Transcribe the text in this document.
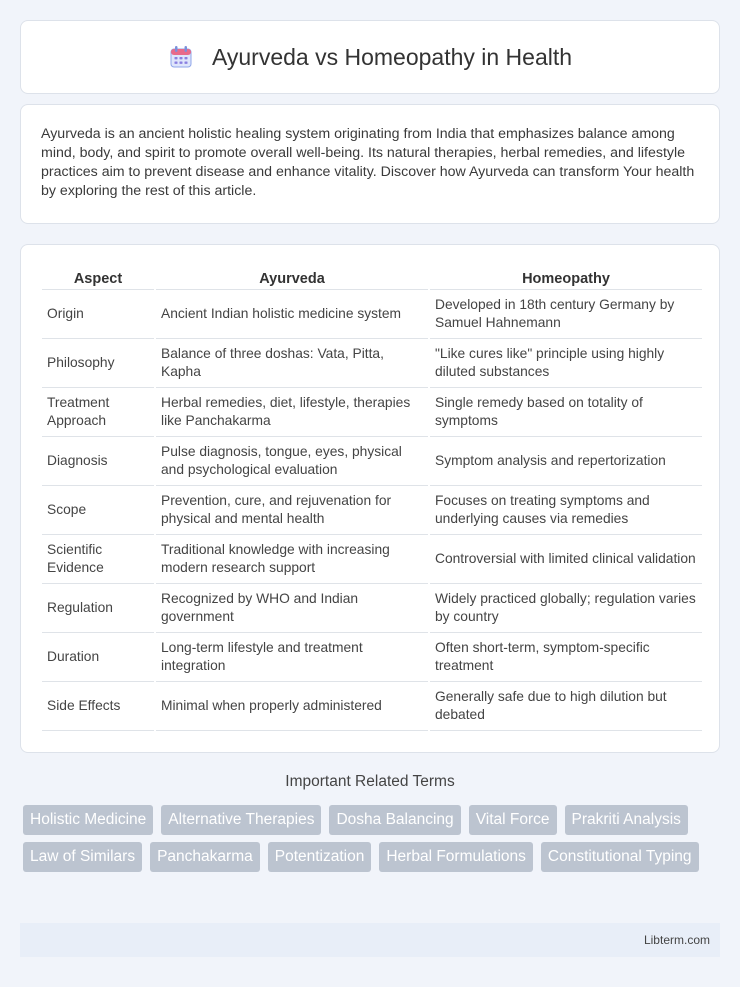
Ayurveda vs Homeopathy in Health

Ayurveda is an ancient holistic healing system originating from India that emphasizes balance among mind, body, and spirit to promote overall well-being. Its natural therapies, herbal remedies, and lifestyle practices aim to prevent disease and enhance vitality. Discover how Ayurveda can transform Your health by exploring the rest of this article.

Aspect	Ayurveda	Homeopathy
Origin	Ancient Indian holistic medicine system	Developed in 18th century Germany by Samuel Hahnemann
Philosophy	Balance of three doshas: Vata, Pitta, Kapha	"Like cures like" principle using highly diluted substances
Treatment Approach	Herbal remedies, diet, lifestyle, therapies like Panchakarma	Single remedy based on totality of symptoms
Diagnosis	Pulse diagnosis, tongue, eyes, physical and psychological evaluation	Symptom analysis and repertorization
Scope	Prevention, cure, and rejuvenation for physical and mental health	Focuses on treating symptoms and underlying causes via remedies
Scientific Evidence	Traditional knowledge with increasing modern research support	Controversial with limited clinical validation
Regulation	Recognized by WHO and Indian government	Widely practiced globally; regulation varies by country
Duration	Long-term lifestyle and treatment integration	Often short-term, symptom-specific treatment
Side Effects	Minimal when properly administered	Generally safe due to high dilution but debated
Important Related Terms
Holistic Medicine	Alternative Therapies	Dosha Balancing	Vital Force	Prakriti Analysis
Law of Similars	Panchakarma	Potentization	Herbal Formulations	Constitutional Typing
Libterm.com
